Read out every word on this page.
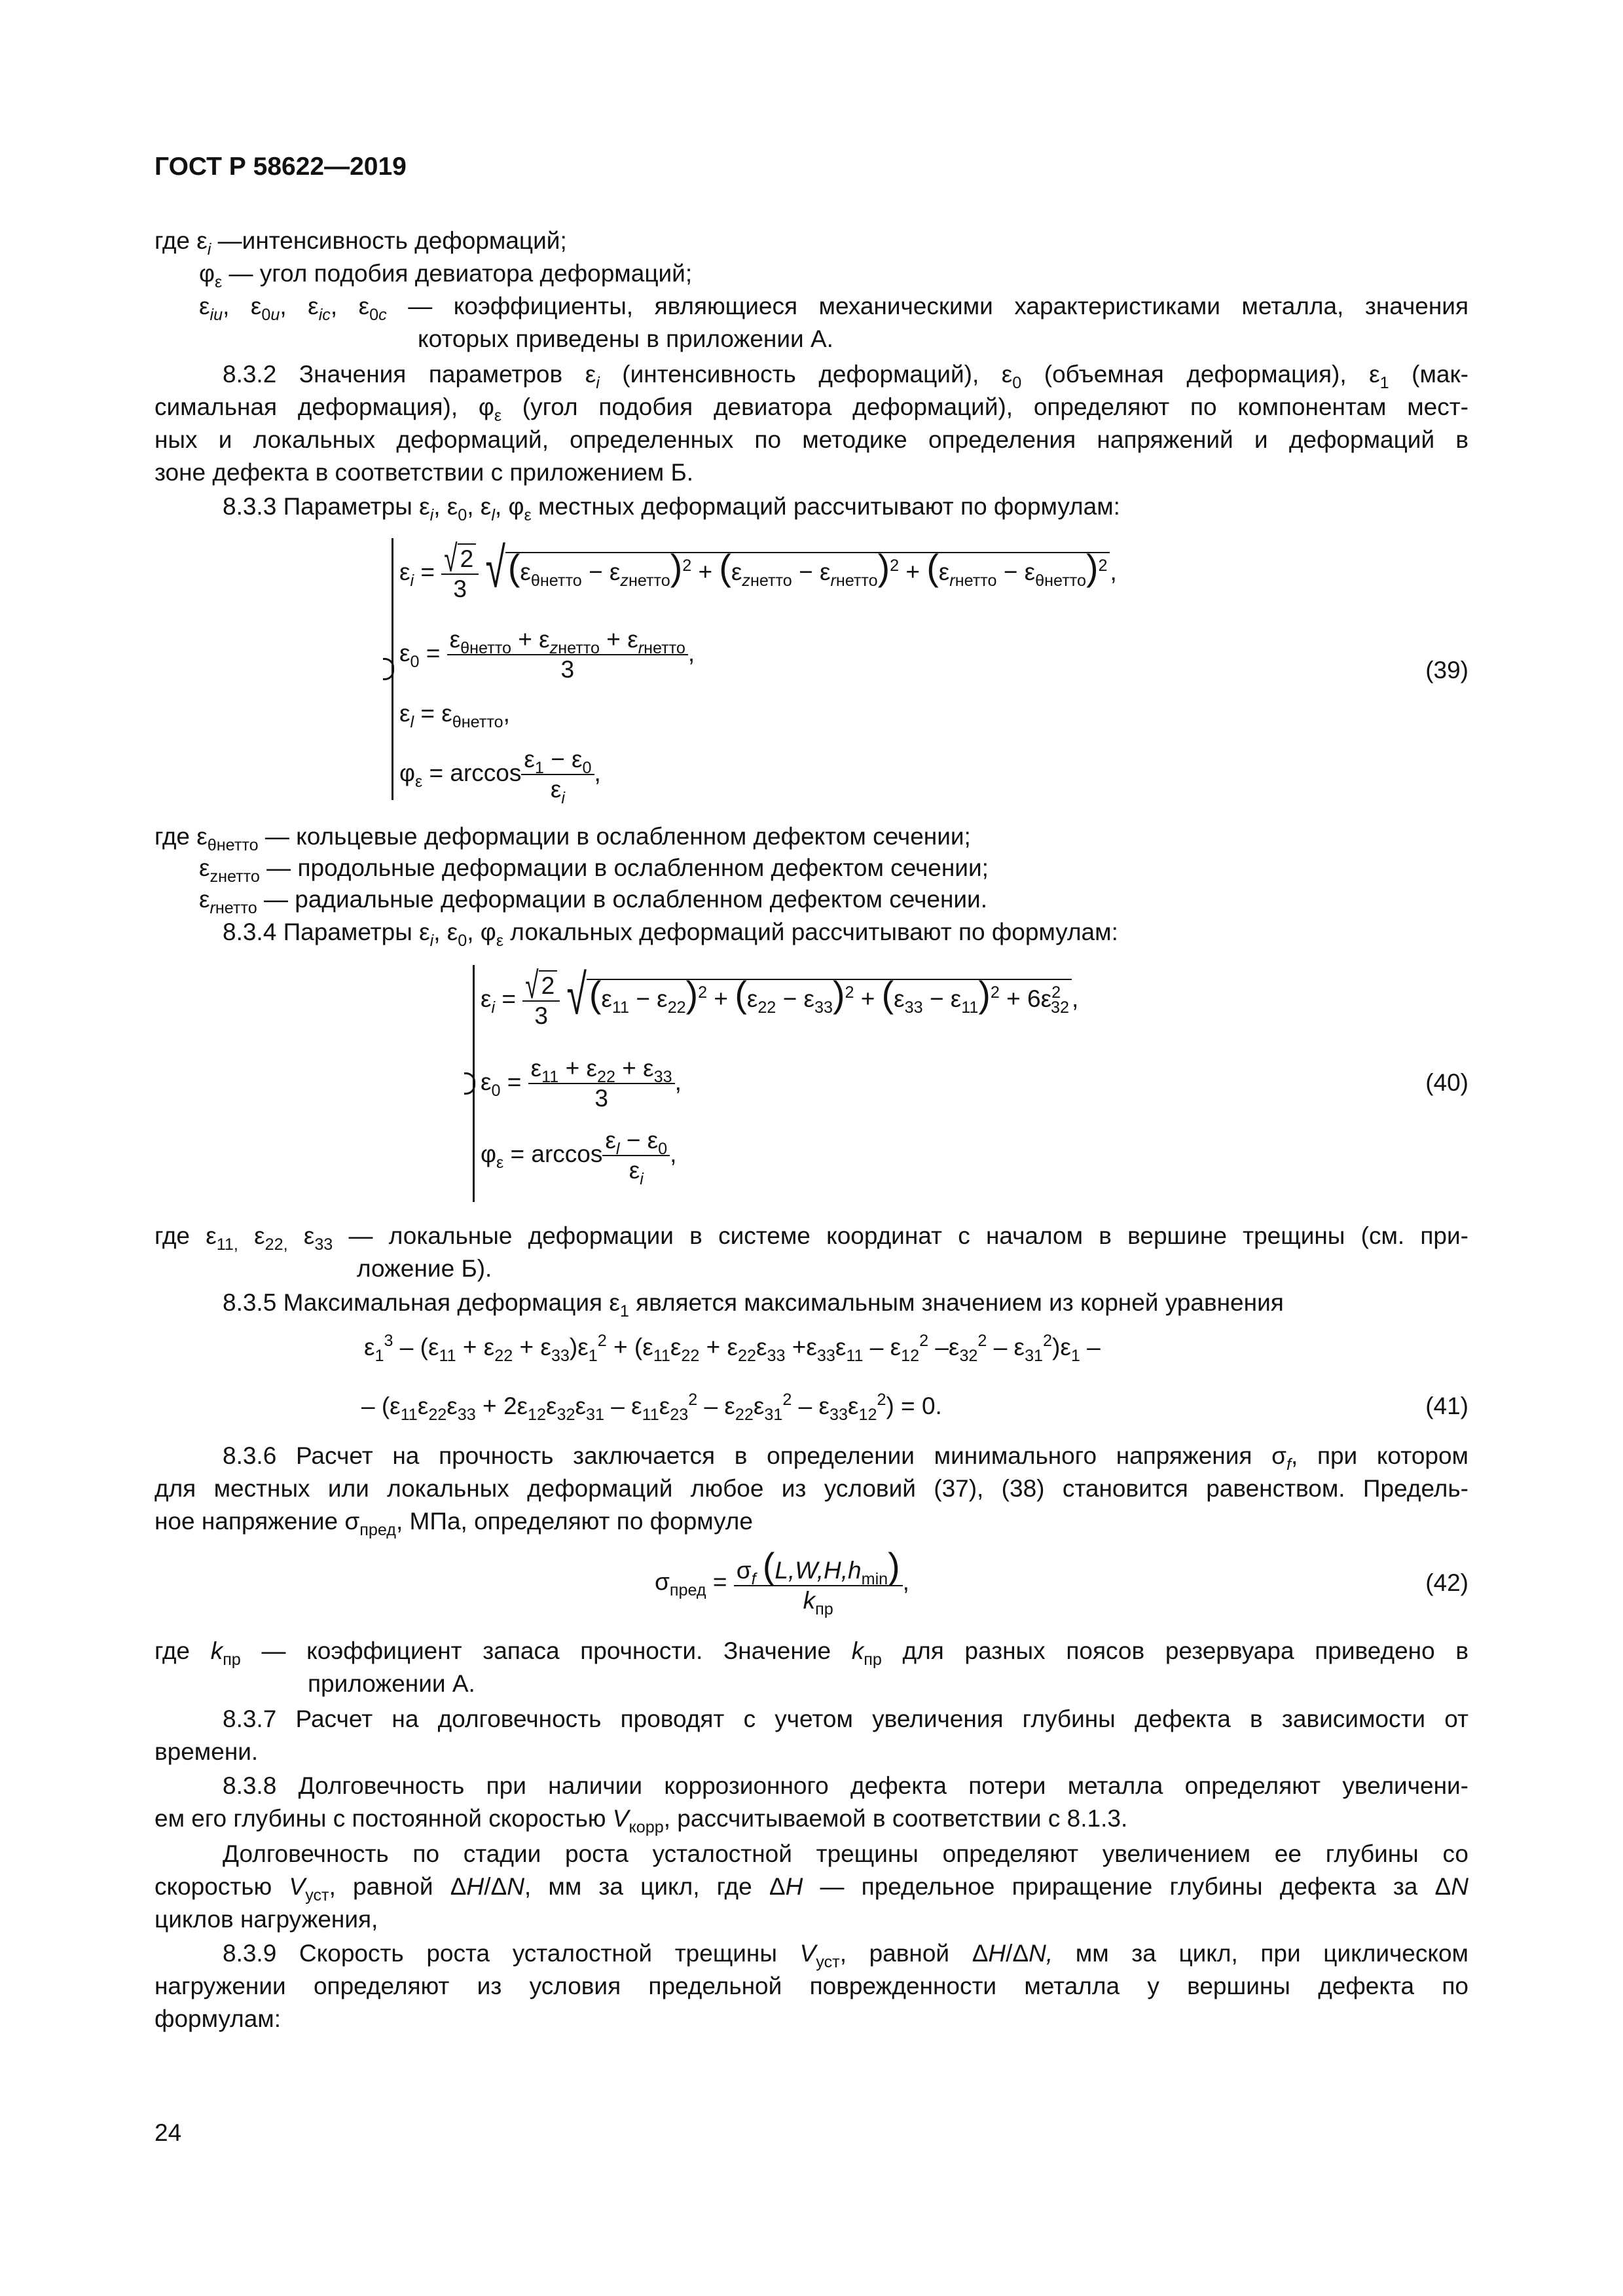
ГОСТ Р 58622—2019
где $\varepsilon_i$ —интенсивность деформаций;
$\varphi_\varepsilon$ — угол подобия девиатора деформаций;
$\varepsilon_{iu}$, $\varepsilon_{0u}$, $\varepsilon_{ic}$, $\varepsilon_{0c}$ — коэффициенты, являющиеся механическими характеристиками металла, значения
которых приведены в приложении А.
8.3.2 Значения параметров $\varepsilon_i$ (интенсивность деформаций), $\varepsilon_0$ (объемная деформация), $\varepsilon_1$ (мак-
симальная деформация), $\varphi_\varepsilon$ (угол подобия девиатора деформаций), определяют по компонентам мест-
ных и локальных деформаций, определенных по методике определения напряжений и деформаций в
зоне дефекта в соответствии с приложением Б.
8.3.3 Параметры $\varepsilon_i$, $\varepsilon_0$, $\varepsilon_l$, $\varphi_\varepsilon$ местных деформаций рассчитывают по формулам:
$\varepsilon_i = \frac{√ 2}{3} √(\varepsilon_{\theta нетто} - \varepsilon_{zнетто})^2 + (\varepsilon_{zнетто} - \varepsilon_{rнетто})^2 + (\varepsilon_{rнетто} - \varepsilon_{\theta нетто})^2$ ,
$\varepsilon_0 = \frac{\varepsilon_{\theta нетто} + \varepsilon_{zнетто} + \varepsilon_{rнетто}}{3}$ ,
$\varepsilon_l = \varepsilon_{\theta нетто}$,
$\varphi_\varepsilon = \arccos \frac{\varepsilon_1 - \varepsilon_0}{\varepsilon_i}$ ,
(39)
где $\varepsilon_{\theta нетто}$ — кольцевые деформации в ослабленном дефектом сечении;
$\varepsilon_{zнетто}$ — продольные деформации в ослабленном дефектом сечении;
$\varepsilon_{rнетто}$ — радиальные деформации в ослабленном дефектом сечении.
8.3.4 Параметры $\varepsilon_i$, $\varepsilon_0$, $\varphi_\varepsilon$ локальных деформаций рассчитывают по формулам:
$\varepsilon_i = \frac{√ 2}{3} √(\varepsilon_{11} - \varepsilon_{22})^2 + (\varepsilon_{22} - \varepsilon_{33})^2 + (\varepsilon_{33} - \varepsilon_{11})^2 + 6\varepsilon^2_{32}$ ,
$\varepsilon_0 = \frac{\varepsilon_{11} + \varepsilon_{22} + \varepsilon_{33}}{3}$ ,
$\varphi_\varepsilon = \arccos \frac{\varepsilon_l - \varepsilon_0}{\varepsilon_i}$ ,
(40)
где $\varepsilon_{11,}$ $\varepsilon_{22,}$ $\varepsilon_{33}$ — локальные деформации в системе координат с началом в вершине трещины (см. при-
ложение Б).
8.3.5 Максимальная деформация $\varepsilon_1$ является максимальным значением из корней уравнения
$\varepsilon_1^3 - (\varepsilon_{11} + \varepsilon_{22} + \varepsilon_{33})\varepsilon_1^2 + (\varepsilon_{11}\varepsilon_{22} + \varepsilon_{22}\varepsilon_{33} +\varepsilon_{33}\varepsilon_{11} - \varepsilon_{12}^2$ $-\varepsilon_{32}^2 - \varepsilon_{31}^2)\varepsilon_1$ –
– $(\varepsilon_{11}\varepsilon_{22}\varepsilon_{33} + 2\varepsilon_{12}\varepsilon_{32}\varepsilon_{31} - \varepsilon_{11}\varepsilon_{23}^2 - \varepsilon_{22}\varepsilon_{31}^2 - \varepsilon_{33}\varepsilon_{12}^2) = 0$.	(41)
8.3.6 Расчет на прочность заключается в определении минимального напряжения $\sigma_f$, при котором
для местных или локальных деформаций любое из условий (37), (38) становится равенством. Предель-
ное напряжение $\sigma_{пред}$, МПа, определяют по формуле
$\sigma_{пред} = \frac{\sigma_f (L,W,H,h_{min})}{k_{пр}}$ ,	(42)
где $k_{пр}$ — коэффициент запаса прочности. Значение $k_{пр}$ для разных поясов резервуара приведено в
приложении А.
8.3.7 Расчет на долговечность проводят с учетом увеличения глубины дефекта в зависимости от
времени.
8.3.8 Долговечность при наличии коррозионного дефекта потери металла определяют увеличени-
ем его глубины с постоянной скоростью $V_{корр}$, рассчитываемой в соответствии с 8.1.3.
Долговечность по стадии роста усталостной трещины определяют увеличением ее глубины со
скоростью $V_{уст}$, равной ΔH/ΔN, мм за цикл, где ΔH — предельное приращение глубины дефекта за ΔN
циклов нагружения,
8.3.9 Скорость роста усталостной трещины $V_{уст}$, равной ΔH/ΔN, мм за цикл, при циклическом
нагружении определяют из условия предельной поврежденности металла у вершины дефекта по
формулам:
24
